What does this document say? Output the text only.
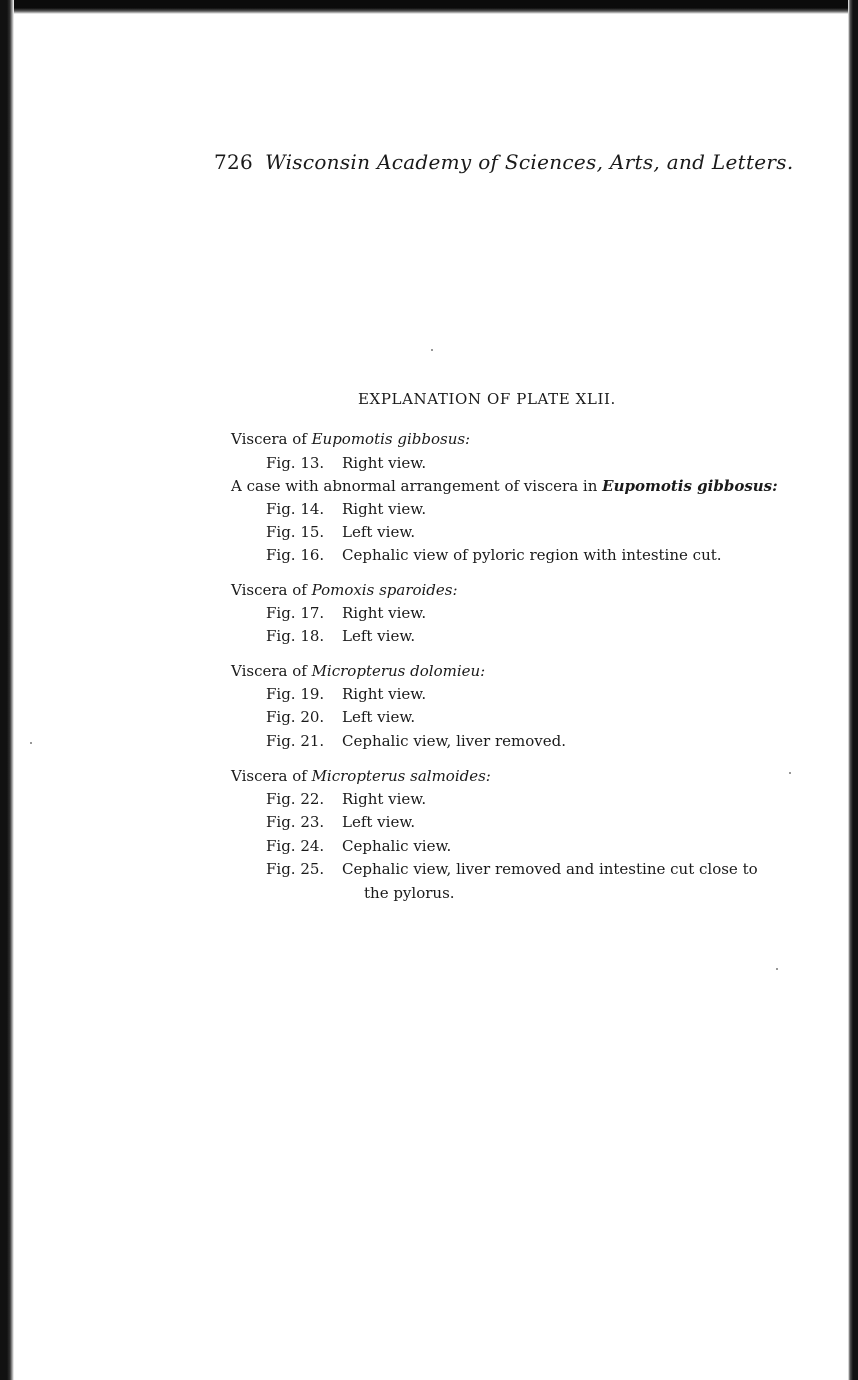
726 Wisconsin Academy of Sciences, Arts, and Letters.
EXPLANATION OF PLATE XLII.
Viscera of Eupomotis gibbosus:
Fig. 13. Right view.
A case with abnormal arrangement of viscera in Eupomotis gibbosus:
Fig. 14. Right view.
Fig. 15. Left view.
Fig. 16. Cephalic view of pyloric region with intestine cut.
Viscera of Pomoxis sparoides:
Fig. 17. Right view.
Fig. 18. Left view.
Viscera of Micropterus dolomieu:
Fig. 19. Right view.
Fig. 20. Left view.
Fig. 21. Cephalic view, liver removed.
Viscera of Micropterus salmoides:
Fig. 22. Right view.
Fig. 23. Left view.
Fig. 24. Cephalic view.
Fig. 25. Cephalic view, liver removed and intestine cut close to
the pylorus.
